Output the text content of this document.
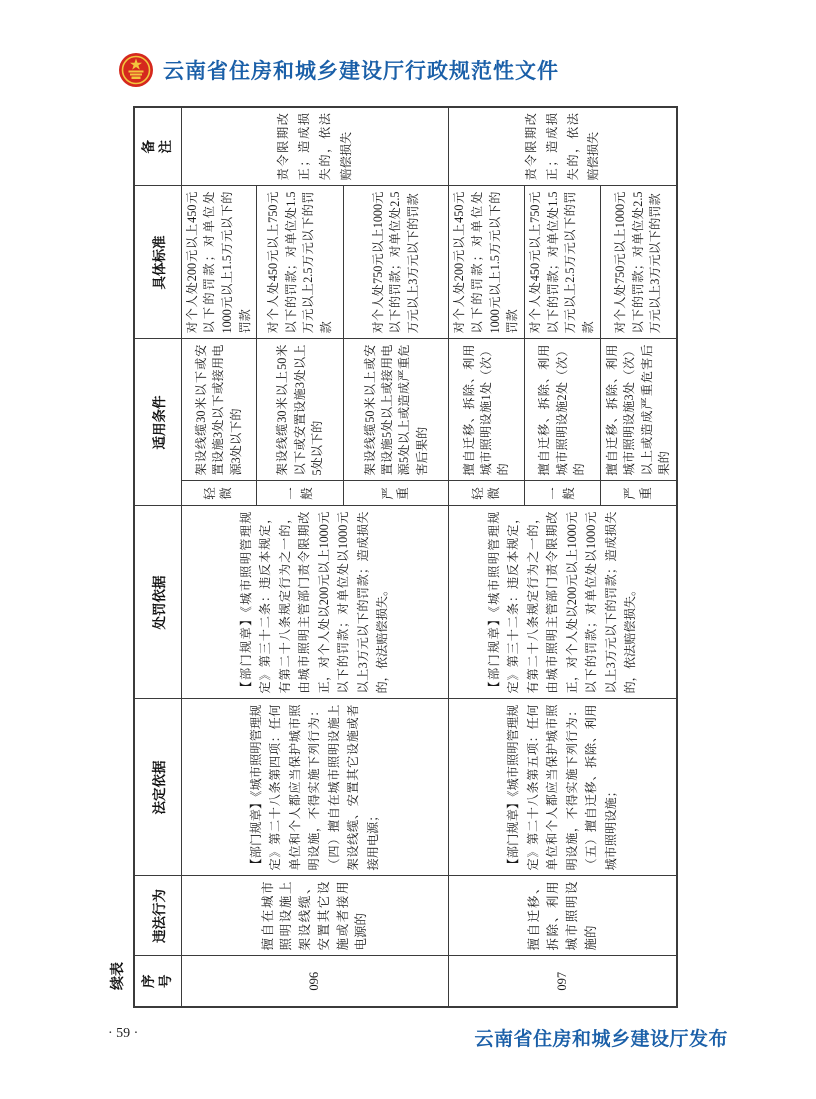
云南省住房和城乡建设厅行政规范性文件
续表 序号	违法行为	法定依据	处罚依据	适用条件		具体标准	备注
096	擅自在城市照明设施上架设线缆、安置其它设施或者接用电源的	【部门规章】《城市照明管理规定》第二十八条第四项：任何单位和个人都应当保护城市照明设施，不得实施下列行为：（四）擅自在城市照明设施上架设线缆、安置其它设施或者接用电源；	【部门规章】《城市照明管理规定》第三十二条：违反本规定，有第二十八条规定行为之一的，由城市照明主管部门责令限期改正，对个人处以200元以上1000元以下的罚款；对单位处以1000元以上3万元以下的罚款；造成损失的，依法赔偿损失。	轻微	架设线缆30米以下或安置设施3处以下或接用电源3处以下的	对个人处200元以上450元以下的罚款；对单位处1000元以上1.5万元以下的罚款	责令限期改正；造成损失的，依法赔偿损失
				一般	架设线缆30米以上50米以下或安置设施3处以上5处以下的	对个人处450元以上750元以下的罚款；对单位处1.5万元以上2.5万元以下的罚款	
				严重	架设线缆50米以上或安置设施5处以上或接用电源5处以上或造成严重危害后果的	对个人处750元以上1000元以下的罚款；对单位处2.5万元以上3万元以下的罚款	
097	擅自迁移、拆除、利用城市照明设施的	【部门规章】《城市照明管理规定》第二十八条第五项：任何单位和个人都应当保护城市照明设施，不得实施下列行为：（五）擅自迁移、拆除、利用城市照明设施；	【部门规章】《城市照明管理规定》第三十二条：违反本规定，有第二十八条规定行为之一的，由城市照明主管部门责令限期改正，对个人处以200元以上1000元以下的罚款；对单位处以1000元以上3万元以下的罚款；造成损失的，依法赔偿损失。	轻微	擅自迁移、拆除、利用城市照明设施1处（次）的	对个人处200元以上450元以下的罚款；对单位处1000元以上1.5万元以下的罚款	责令限期改正；造成损失的，依法赔偿损失
				一般	擅自迁移、拆除、利用城市照明设施2处（次）的	对个人处450元以上750元以下的罚款；对单位处1.5万元以上2.5万元以下的罚款	
				严重	擅自迁移、拆除、利用城市照明设施3处（次）以上或造成严重危害后果的	对个人处750元以上1000元以下的罚款；对单位处2.5万元以上3万元以下的罚款	
· 59 ·	云南省住房和城乡建设厅发布
